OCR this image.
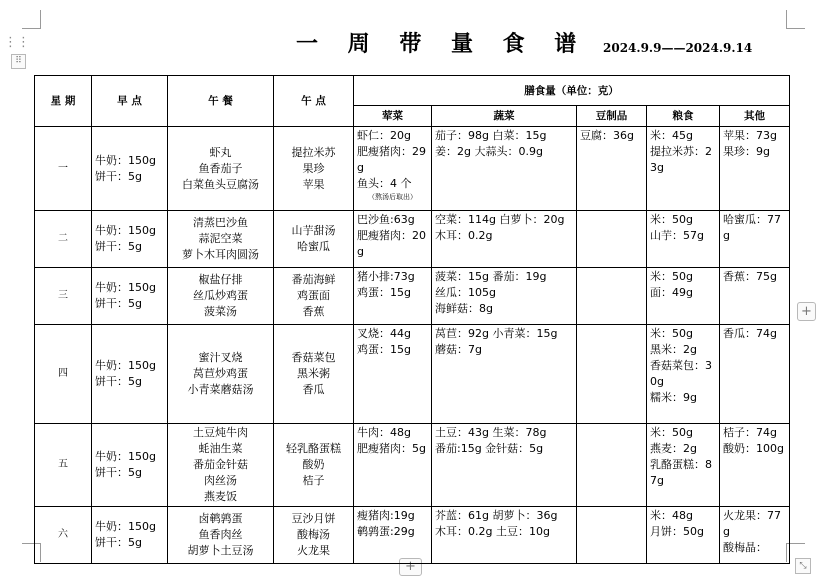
⋮⋮
⠿
+
+	⤡
一 周 带 量 食 谱 2024.9.9——2024.9.14
星 期	早 点	午 餐	午 点	膳食量（单位：克）				
				荤菜	蔬菜	豆制品	粮食	其他

一	牛奶：150g
饼干：5g	虾丸
鱼香茄子
白菜鱼头豆腐汤	提拉米苏
果珍
苹果	虾仁：20g
肥瘦猪肉：29g
鱼头：4 个
（熬汤后取出）	茄子：98g 白菜：15g
姜：2g 大蒜头：0.9g	豆腐：36g	米：45g
提拉米苏：23g	苹果：73g
果珍：9g

二	牛奶：150g
饼干：5g	清蒸巴沙鱼
蒜泥空菜
萝卜木耳肉圆汤	山芋甜汤
哈蜜瓜	巴沙鱼:63g
肥瘦猪肉：20g	空菜：114g 白萝卜：20g
木耳：0.2g		米：50g
山芋：57g	哈蜜瓜：77g

三	牛奶：150g
饼干：5g	椒盐仔排
丝瓜炒鸡蛋
菠菜汤	番茄海鲜
鸡蛋面
香蕉	猪小排:73g
鸡蛋：15g	菠菜：15g 番茄：19g
丝瓜：105g
海鲜菇：8g		米：50g
面：49g	香蕉：75g

四	牛奶：150g
饼干：5g	蜜汁叉烧
莴苣炒鸡蛋
小青菜蘑菇汤	香菇菜包
黑米粥
香瓜	叉烧：44g
鸡蛋：15g	莴苣：92g 小青菜：15g
蘑菇：7g		米：50g
黑米：2g
香菇菜包：30g
糯米：9g	香瓜：74g

五	牛奶：150g
饼干：5g	土豆炖牛肉
蚝油生菜
番茄金针菇
肉丝汤
燕麦饭	轻乳酪蛋糕
酸奶
桔子	牛肉：48g
肥瘦猪肉：5g	土豆：43g 生菜：78g
番茄:15g 金针菇：5g		米：50g
燕麦：2g
乳酪蛋糕：87g	桔子：74g
酸奶：100g

六	牛奶：150g
饼干：5g	卤鹌鹑蛋
鱼香肉丝
胡萝卜土豆汤	豆沙月饼
酸梅汤
火龙果	瘦猪肉:19g
鹌鹑蛋:29g	芥蓝：61g 胡萝卜：36g
木耳：0.2g 土豆：10g		米：48g
月饼：50g	火龙果：77g
酸梅晶：
